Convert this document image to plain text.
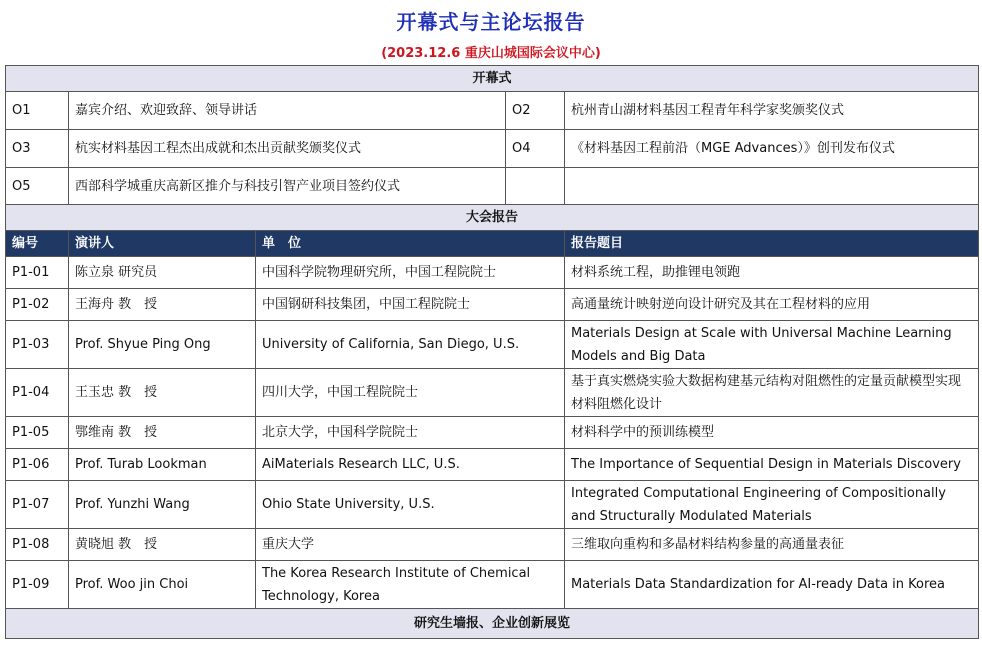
开幕式与主论坛报告
(2023.12.6 重庆山城国际会议中心)
开幕式				
O1	嘉宾介绍、欢迎致辞、领导讲话		O2	杭州青山湖材料基因工程青年科学家奖颁奖仪式
O3	杭实材料基因工程杰出成就和杰出贡献奖颁奖仪式		O4	《材料基因工程前沿（MGE Advances）》创刊发布仪式
O5	西部科学城重庆高新区推介与科技引智产业项目签约仪式			
大会报告				
编号	演讲人	单　位		报告题目
P1-01	陈立泉 研究员	中国科学院物理研究所，中国工程院院士		材料系统工程，助推锂电领跑
P1-02	王海舟 教　授	中国钢研科技集团，中国工程院院士		高通量统计映射逆向设计研究及其在工程材料的应用
P1-03	Prof. Shyue Ping Ong	University of California, San Diego, U.S.		Materials Design at Scale with Universal Machine Learning Models and Big Data
P1-04	王玉忠 教　授	四川大学，中国工程院院士		基于真实燃烧实验大数据构建基元结构对阻燃性的定量贡献模型实现材料阻燃化设计
P1-05	鄂维南 教　授	北京大学，中国科学院院士		材料科学中的预训练模型
P1-06	Prof. Turab Lookman	AiMaterials Research LLC, U.S.		The Importance of Sequential Design in Materials Discovery
P1-07	Prof. Yunzhi Wang	Ohio State University, U.S.		Integrated Computational Engineering of Compositionally and Structurally Modulated Materials
P1-08	黄晓旭 教　授	重庆大学		三维取向重构和多晶材料结构参量的高通量表征
P1-09	Prof. Woo jin Choi	The Korea Research Institute of Chemical Technology, Korea		Materials Data Standardization for AI-ready Data in Korea
研究生墙报、企业创新展览				
